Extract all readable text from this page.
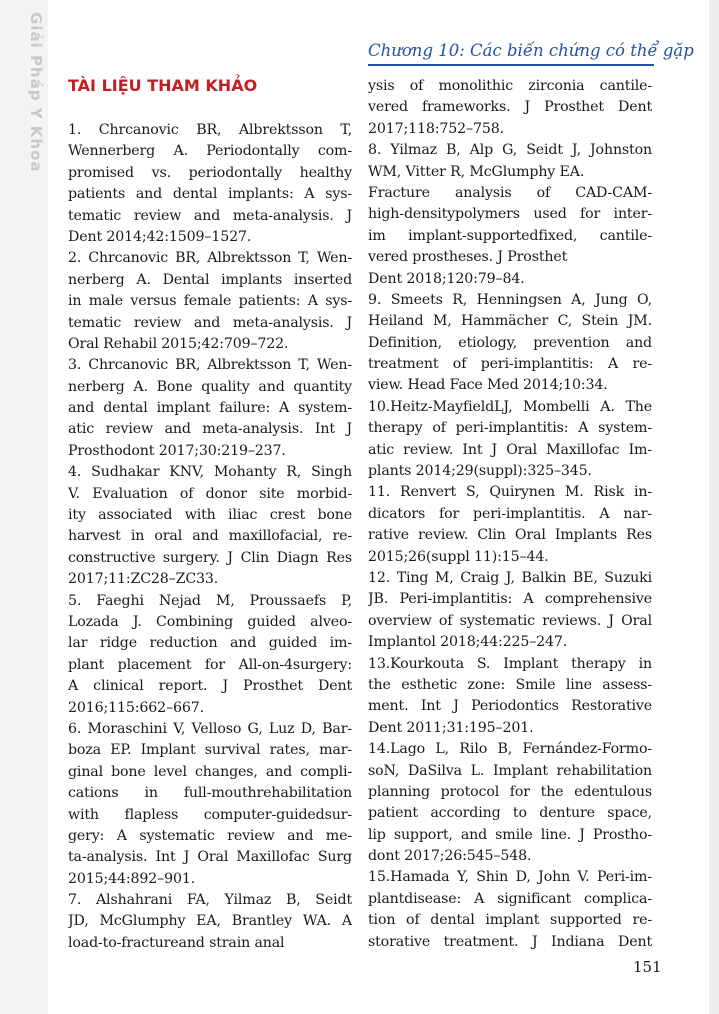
Giải Pháp Y Khoa	Chương 10: Các biến chứng có thể gặp
TÀI LIỆU THAM KHẢO
1. Chrcanovic BR, Albrektsson T,
Wennerberg A. Periodontally com-
promised vs. periodontally healthy
patients and dental implants: A sys-
tematic review and meta-analysis. J
Dent 2014;42:1509–1527.
2. Chrcanovic BR, Albrektsson T, Wen-
nerberg A. Dental implants inserted
in male versus female patients: A sys-
tematic review and meta-analysis. J
Oral Rehabil 2015;42:709–722.
3. Chrcanovic BR, Albrektsson T, Wen-
nerberg A. Bone quality and quantity
and dental implant failure: A system-
atic review and meta-analysis. Int J
Prosthodont 2017;30:219–237.
4. Sudhakar KNV, Mohanty R, Singh
V. Evaluation of donor site morbid-
ity associated with iliac crest bone
harvest in oral and maxillofacial, re-
constructive surgery. J Clin Diagn Res
2017;11:ZC28–ZC33.
5. Faeghi Nejad M, Proussaefs P,
Lozada J. Combining guided alveo-
lar ridge reduction and guided im-
plant placement for All-on-4surgery:
A clinical report. J Prosthet Dent
2016;115:662–667.
6. Moraschini V, Velloso G, Luz D, Bar-
boza EP. Implant survival rates, mar-
ginal bone level changes, and compli-
cations in full-mouthrehabilitation
with flapless computer-guidedsur-
gery: A systematic review and me-
ta-analysis. Int J Oral Maxillofac Surg
2015;44:892–901.
7. Alshahrani FA, Yilmaz B, Seidt
JD, McGlumphy EA, Brantley WA. A
load-to-fractureand strain anal
ysis of monolithic zirconia cantile-
vered frameworks. J Prosthet Dent
2017;118:752–758.
8. Yilmaz B, Alp G, Seidt J, Johnston
WM, Vitter R, McGlumphy EA.
Fracture analysis of CAD-CAM-
high-densitypolymers used for inter-
im implant-supportedfixed, cantile-
vered prostheses. J Prosthet
Dent 2018;120:79–84.
9. Smeets R, Henningsen A, Jung O,
Heiland M, Hammächer C, Stein JM.
Definition, etiology, prevention and
treatment of peri-implantitis: A re-
view. Head Face Med 2014;10:34.
10.Heitz-MayfieldLJ, Mombelli A. The
therapy of peri-implantitis: A system-
atic review. Int J Oral Maxillofac Im-
plants 2014;29(suppl):325–345.
11. Renvert S, Quirynen M. Risk in-
dicators for peri-implantitis. A nar-
rative review. Clin Oral Implants Res
2015;26(suppl 11):15–44.
12. Ting M, Craig J, Balkin BE, Suzuki
JB. Peri-implantitis: A comprehensive
overview of systematic reviews. J Oral
Implantol 2018;44:225–247.
13.Kourkouta S. Implant therapy in
the esthetic zone: Smile line assess-
ment. Int J Periodontics Restorative
Dent 2011;31:195–201.
14.Lago L, Rilo B, Fernández-Formo-
soN, DaSilva L. Implant rehabilitation
planning protocol for the edentulous
patient according to denture space,
lip support, and smile line. J Prostho-
dont 2017;26:545–548.
15.Hamada Y, Shin D, John V. Peri-im-
plantdisease: A significant complica-
tion of dental implant supported re-
storative treatment. J Indiana Dent
151
